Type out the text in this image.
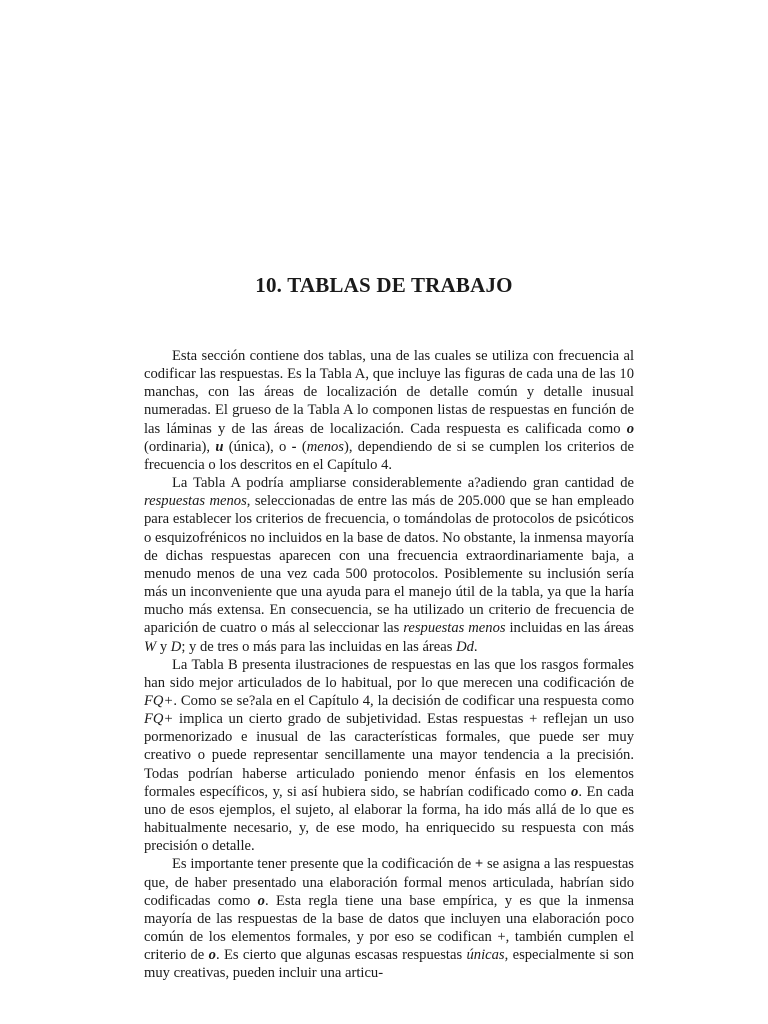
10. TABLAS DE TRABAJO

Esta sección contiene dos tablas, una de las cuales se utiliza con frecuencia al codificar las respuestas. Es la Tabla A, que incluye las figuras de cada una de las 10 manchas, con las áreas de localización de detalle común y detalle inusual numeradas. El grueso de la Tabla A lo componen listas de respuestas en función de las láminas y de las áreas de localización. Cada respuesta es calificada como o (ordinaria), u (única), o - (menos), dependiendo de si se cumplen los criterios de frecuencia o los descritos en el Capítulo 4.

La Tabla A podría ampliarse considerablemente a?adiendo gran cantidad de respuestas menos, seleccionadas de entre las más de 205.000 que se han empleado para establecer los criterios de frecuencia, o tomándolas de protocolos de psicóticos o esquizofrénicos no incluidos en la base de datos. No obstante, la inmensa mayoría de dichas respuestas aparecen con una frecuencia extraordinariamente baja, a menudo menos de una vez cada 500 protocolos. Posiblemente su inclusión sería más un inconveniente que una ayuda para el manejo útil de la tabla, ya que la haría mucho más extensa. En consecuencia, se ha utilizado un criterio de frecuencia de aparición de cuatro o más al seleccionar las respuestas menos incluidas en las áreas W y D; y de tres o más para las incluidas en las áreas Dd.

La Tabla B presenta ilustraciones de respuestas en las que los rasgos formales han sido mejor articulados de lo habitual, por lo que merecen una codificación de FQ+. Como se se?ala en el Capítulo 4, la decisión de codificar una respuesta como FQ+ implica un cierto grado de subjetividad. Estas respuestas + reflejan un uso pormenorizado e inusual de las características formales, que puede ser muy creativo o puede representar sencillamente una mayor tendencia a la precisión. Todas podrían haberse articulado poniendo menor énfasis en los elementos formales específicos, y, si así hubiera sido, se habrían codificado como o. En cada uno de esos ejemplos, el sujeto, al elaborar la forma, ha ido más allá de lo que es habitualmente necesario, y, de ese modo, ha enriquecido su respuesta con más precisión o detalle.

Es importante tener presente que la codificación de + se asigna a las respuestas que, de haber presentado una elaboración formal menos articulada, habrían sido codificadas como o. Esta regla tiene una base empírica, y es que la inmensa mayoría de las respuestas de la base de datos que incluyen una elaboración poco común de los elementos formales, y por eso se codifican +, también cumplen el criterio de o. Es cierto que algunas escasas respuestas únicas, especialmente si son muy creativas, pueden incluir una articu-
